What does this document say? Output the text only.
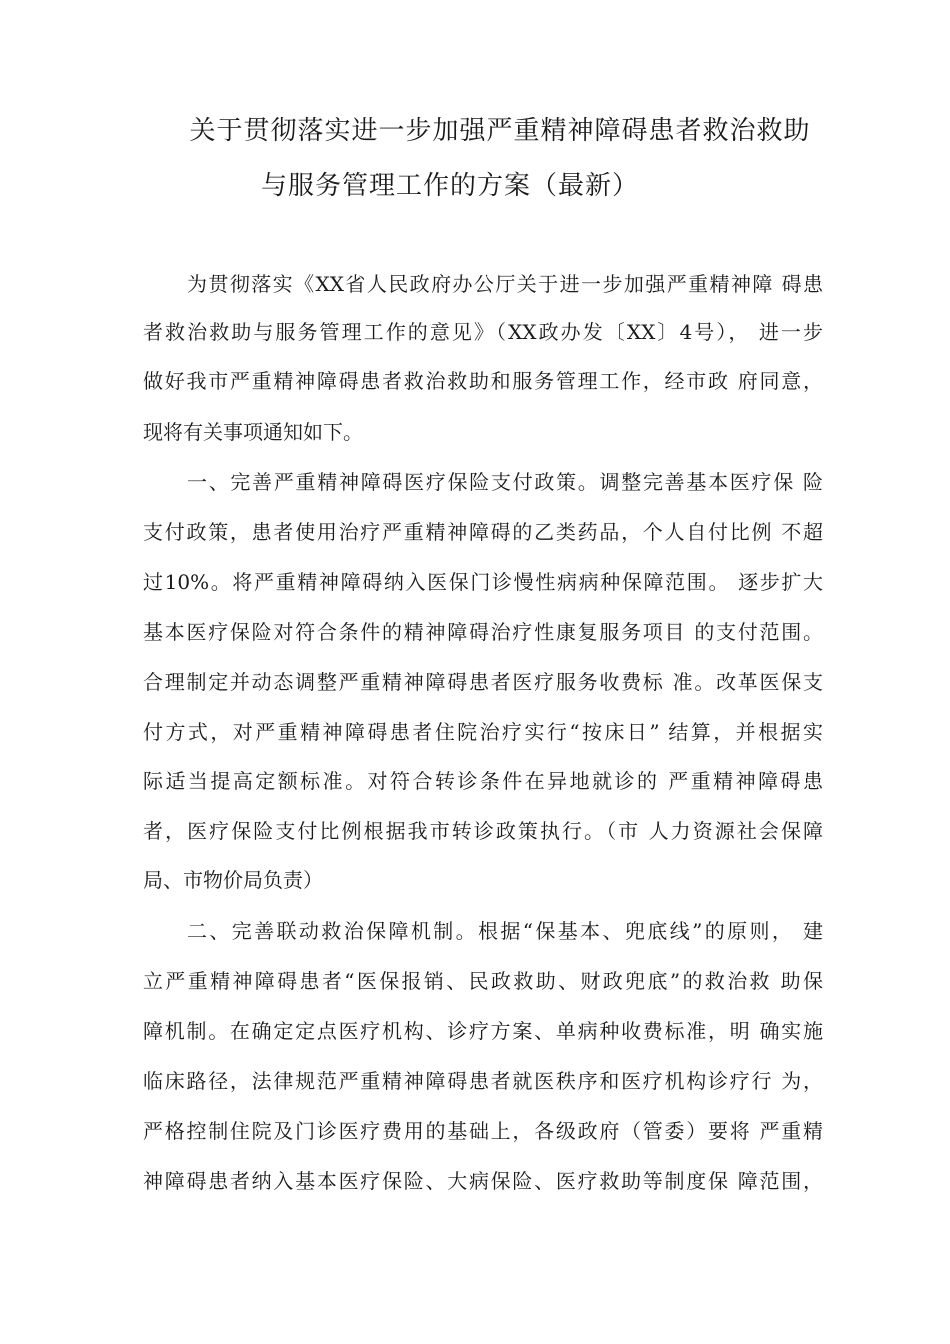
关于贯彻落实进一步加强严重精神障碍患者救治救助
与服务管理工作的方案（最新）
为贯彻落实《XX省人民政府办公厅关于进一步加强严重精神障 碍患
者救治救助与服务管理工作的意见》（XX政办发〔XX〕4号）， 进一步
做好我市严重精神障碍患者救治救助和服务管理工作，经市政 府同意，
现将有关事项通知如下。
一、完善严重精神障碍医疗保险支付政策。调整完善基本医疗保 险
支付政策，患者使用治疗严重精神障碍的乙类药品，个人自付比例 不超
过10%。将严重精神障碍纳入医保门诊慢性病病种保障范围。 逐步扩大
基本医疗保险对符合条件的精神障碍治疗性康复服务项目 的支付范围。
合理制定并动态调整严重精神障碍患者医疗服务收费标 准。改革医保支
付方式，对严重精神障碍患者住院治疗实行“按床日” 结算，并根据实
际适当提高定额标准。对符合转诊条件在异地就诊的 严重精神障碍患
者，医疗保险支付比例根据我市转诊政策执行。（市 人力资源社会保障
局、市物价局负责）
二、完善联动救治保障机制。根据“保基本、兜底线”的原则， 建
立严重精神障碍患者“医保报销、民政救助、财政兜底”的救治救 助保
障机制。在确定定点医疗机构、诊疗方案、单病种收费标准，明 确实施
临床路径，法律规范严重精神障碍患者就医秩序和医疗机构诊疗行 为，
严格控制住院及门诊医疗费用的基础上，各级政府（管委）要将 严重精
神障碍患者纳入基本医疗保险、大病保险、医疗救助等制度保 障范围，
